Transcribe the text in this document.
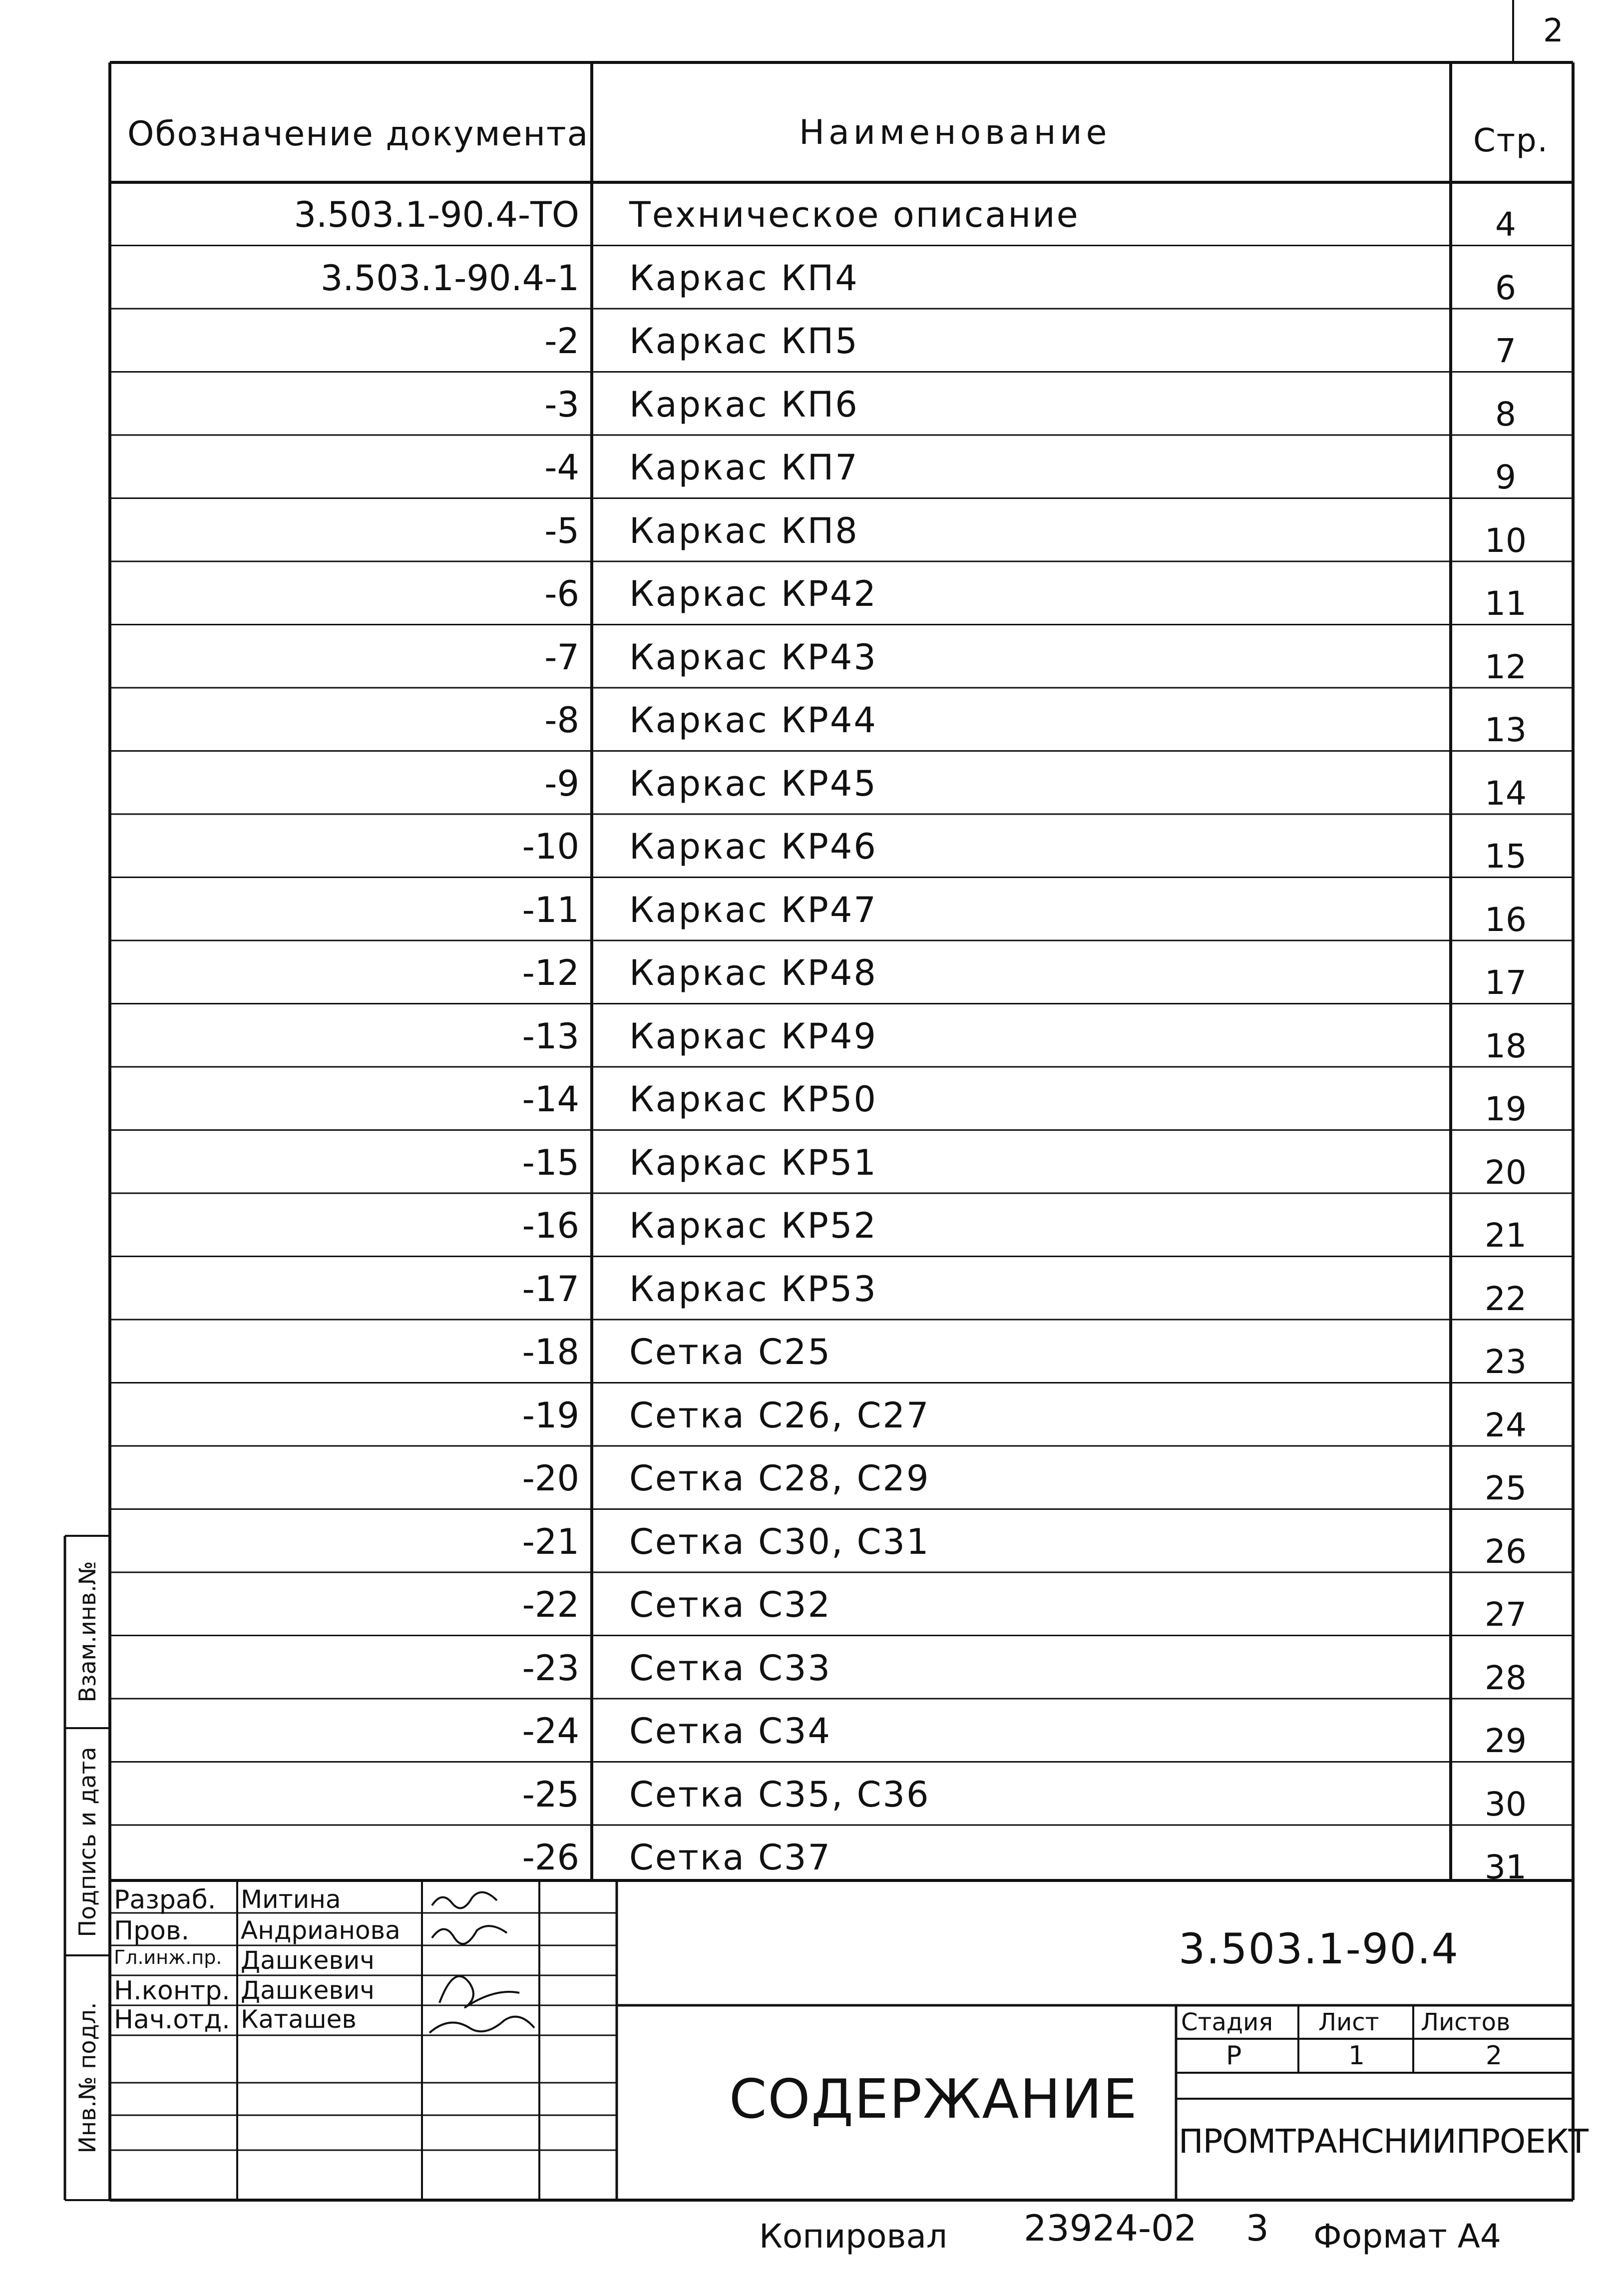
2
Обозначение документа	Наименование	Стр.
3.503.1-90.4-ТО Техническое описание	4
3.503.1-90.4-1 Каркас КП4	6
-2 Каркас КП5	7
-3 Каркас КП6	8
-4 Каркас КП7	9
-5 Каркас КП8	10
-6 Каркас КР42	11
-7 Каркас КР43	12
-8 Каркас КР44	13
-9 Каркас КР45	14
-10 Каркас КР46	15
-11 Каркас КР47	16
-12 Каркас КР48	17
-13 Каркас КР49	18
-14 Каркас КР50	19
-15 Каркас КР51	20
-16 Каркас КР52	21
-17 Каркас КР53	22
-18 Сетка С25	23
-19 Сетка С26, С27	24
-20 Сетка С28, С29	25
-21 Сетка С30, С31	26
-22 Сетка С32	27
-23 Сетка С33	28
-24 Сетка С34	29
-25 Сетка С35, С36	30
-26 Сетка С37	31
Взам.инв.№
Подпись и дата
Инв.№ подл.
Разраб. Митина
Пров. Андрианова
Гл.инж.пр. Дашкевич
Н.контр. Дашкевич
Нач.отд. Каташев
3.503.1-90.4
СОДЕРЖАНИЕ
Стадия Лист Листов
Р	1	2
ПРОМТРАНСНИИПРОЕКТ
Копировал 23924-02 3 Формат А4
